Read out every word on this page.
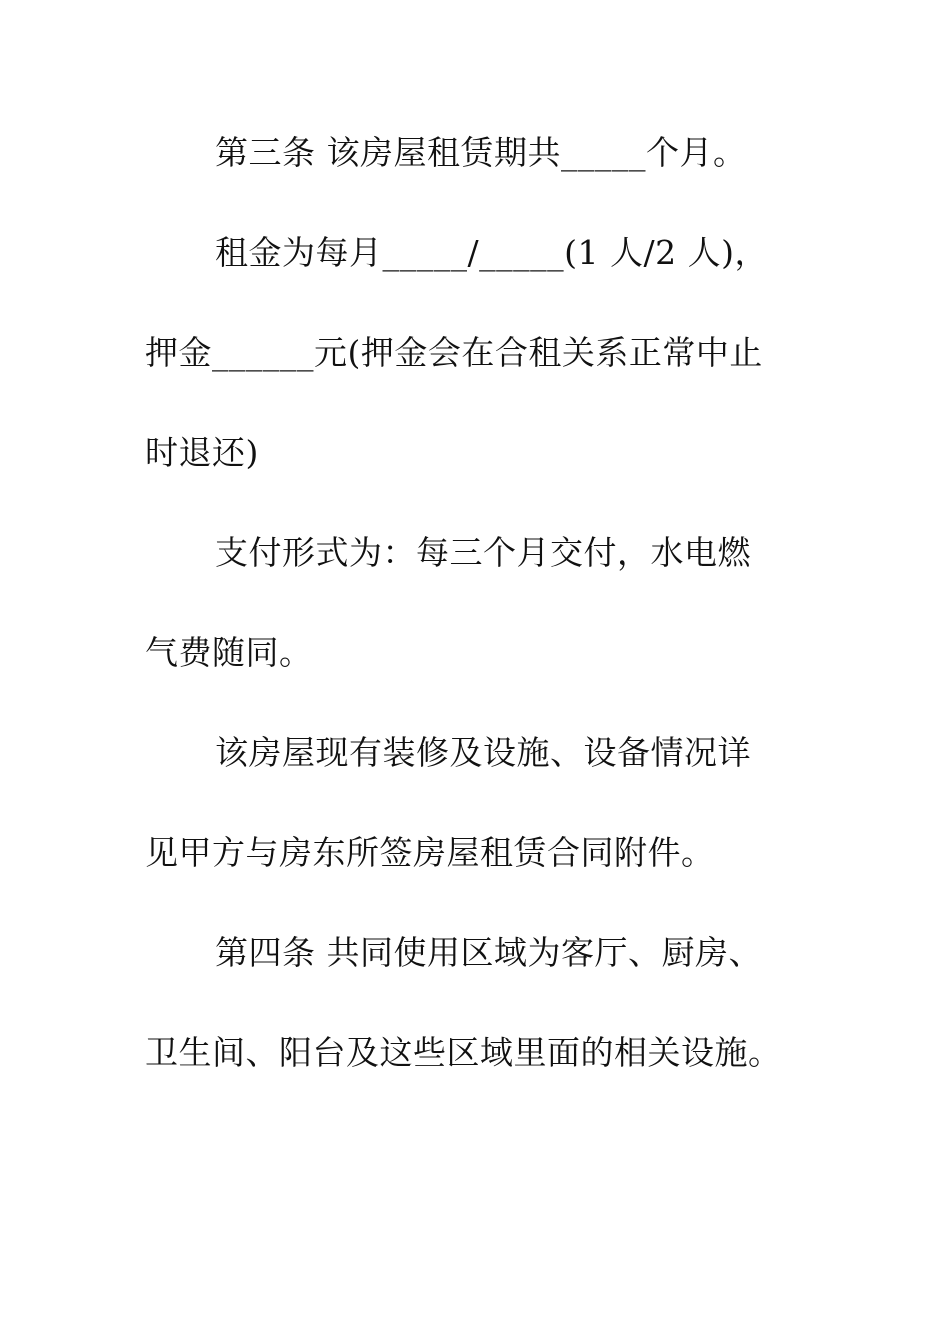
第三条 该房屋租赁期共_____个月。

租金为每月_____/_____(1 人/2 人)，

押金______元(押金会在合租关系正常中止

时退还)

支付形式为：每三个月交付，水电燃

气费随同。

该房屋现有装修及设施、设备情况详

见甲方与房东所签房屋租赁合同附件。

第四条 共同使用区域为客厅、厨房、

卫生间、阳台及这些区域里面的相关设施。
